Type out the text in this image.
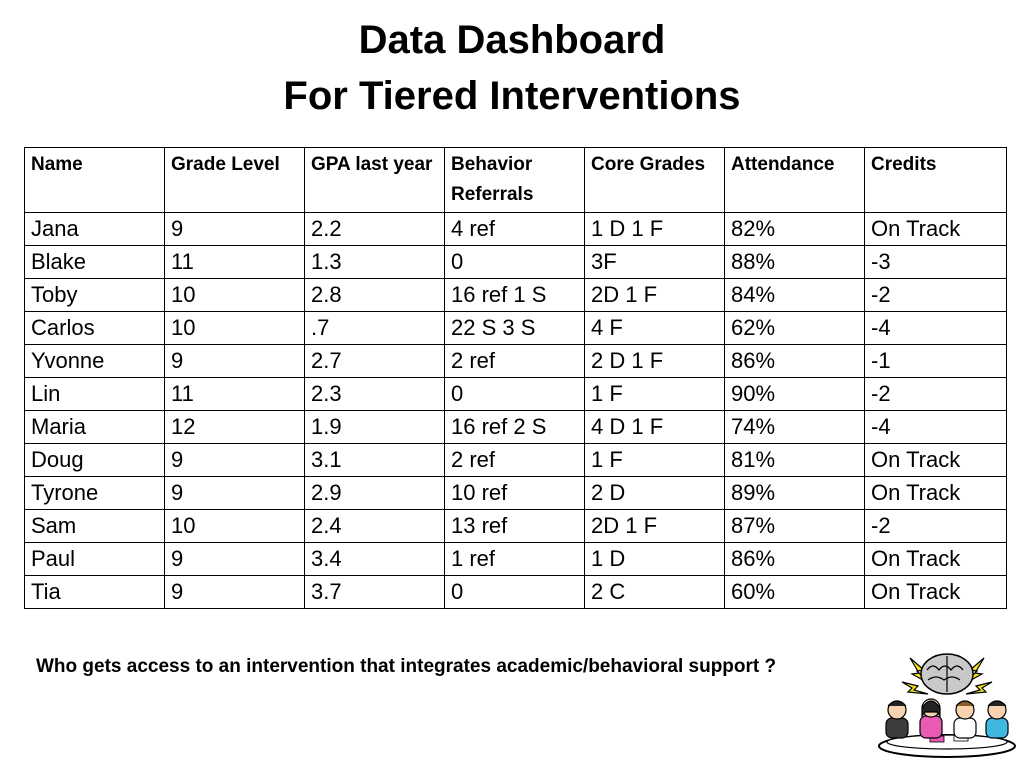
Data Dashboard
For Tiered Interventions
Name	Grade Level	GPA last year	Behavior Referrals	Core Grades	Attendance	Credits
Jana	9	2.2	4 ref	1 D 1 F	82%	On Track
Blake	11	1.3	0	3F	88%	-3
Toby	10	2.8	16 ref 1 S	2D 1 F	84%	-2
Carlos	10	.7	22 S 3 S	4 F	62%	-4
Yvonne	9	2.7	2 ref	2 D 1 F	86%	-1
Lin	11	2.3	0	1 F	90%	-2
Maria	12	1.9	16 ref 2 S	4 D 1 F	74%	-4
Doug	9	3.1	2 ref	1 F	81%	On Track
Tyrone	9	2.9	10 ref	2 D	89%	On Track
Sam	10	2.4	13 ref	2D 1 F	87%	-2
Paul	9	3.4	1 ref	1 D	86%	On Track
Tia	9	3.7	0	2 C	60%	On Track
Who gets access to an intervention that integrates academic/behavioral support ?
